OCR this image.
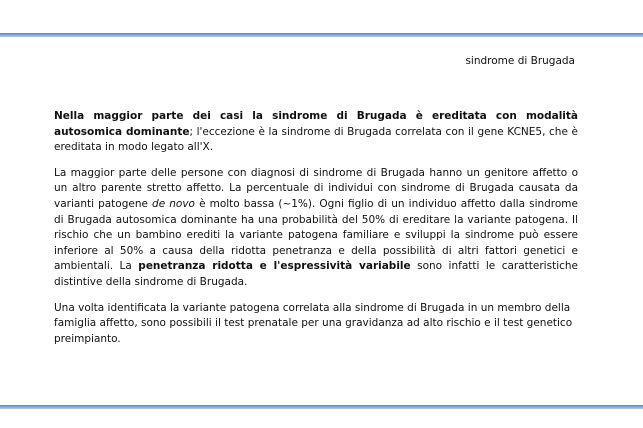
sindrome di Brugada

Nella maggior parte dei casi la sindrome di Brugada è ereditata con modalità autosomica dominante; l'eccezione è la sindrome di Brugada correlata con il gene KCNE5, che è ereditata in modo legato all'X.

La maggior parte delle persone con diagnosi di sindrome di Brugada hanno un genitore affetto o un altro parente stretto affetto. La percentuale di individui con sindrome di Brugada causata da varianti patogene de novo è molto bassa (~1%). Ogni figlio di un individuo affetto dalla sindrome di Brugada autosomica dominante ha una probabilità del 50% di ereditare la variante patogena. Il rischio che un bambino erediti la variante patogena familiare e sviluppi la sindrome può essere inferiore al 50% a causa della ridotta penetranza e della possibilità di altri fattori genetici e ambientali. La penetranza ridotta e l'espressività variabile sono infatti le caratteristiche distintive della sindrome di Brugada.

Una volta identificata la variante patogena correlata alla sindrome di Brugada in un membro della famiglia affetto, sono possibili il test prenatale per una gravidanza ad alto rischio e il test genetico preimpianto.
